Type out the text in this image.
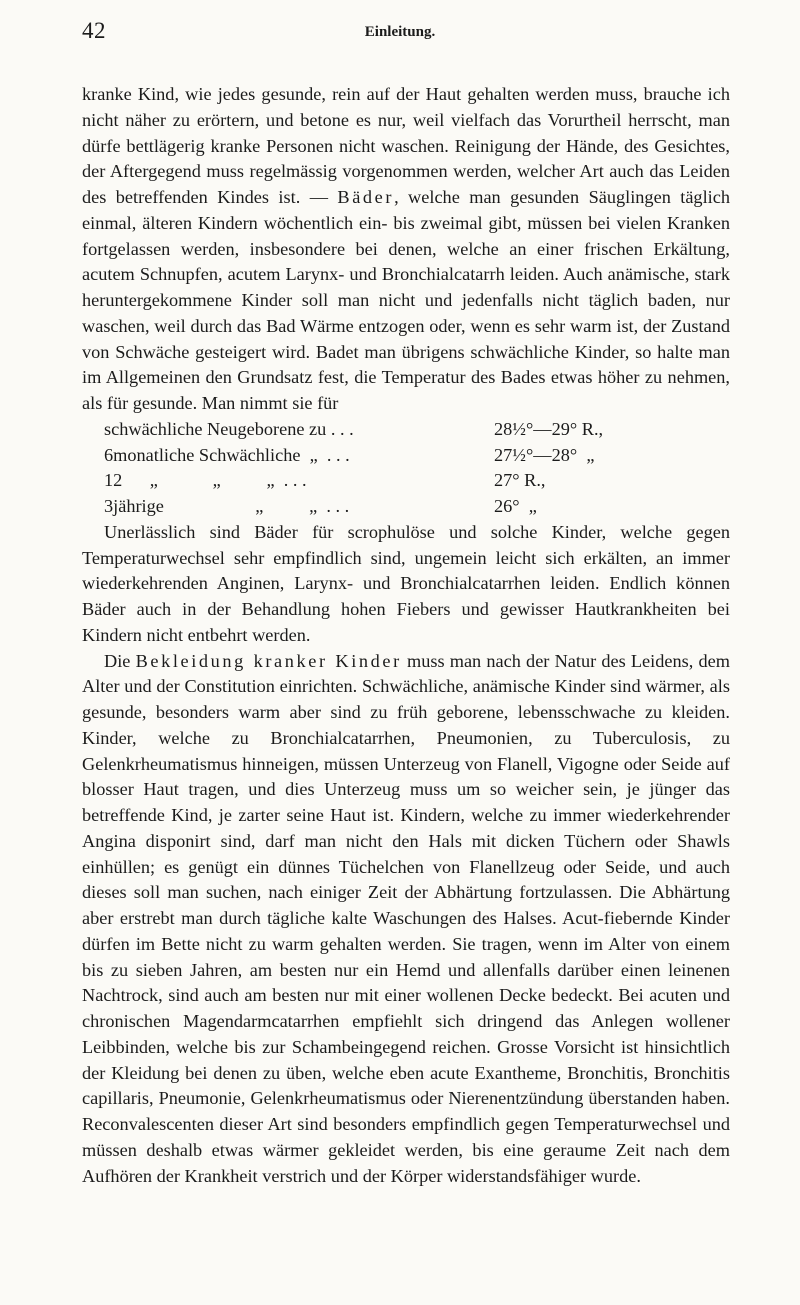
42	Einleitung.

kranke Kind, wie jedes gesunde, rein auf der Haut gehalten werden muss, brauche ich nicht näher zu erörtern, und betone es nur, weil vielfach das Vorurtheil herrscht, man dürfe bettlägerig kranke Personen nicht waschen. Reinigung der Hände, des Gesichtes, der Aftergegend muss regelmässig vorgenommen werden, welcher Art auch das Leiden des betreffenden Kindes ist. — Bäder, welche man gesunden Säuglingen täglich einmal, älteren Kindern wöchentlich ein- bis zweimal gibt, müssen bei vielen Kranken fortgelassen werden, insbesondere bei denen, welche an einer frischen Erkältung, acutem Schnupfen, acutem Larynx- und Bronchialcatarrh leiden. Auch anämische, stark heruntergekommene Kinder soll man nicht und jedenfalls nicht täglich baden, nur waschen, weil durch das Bad Wärme entzogen oder, wenn es sehr warm ist, der Zustand von Schwäche gesteigert wird. Badet man übrigens schwächliche Kinder, so halte man im Allgemeinen den Grundsatz fest, die Temperatur des Bades etwas höher zu nehmen, als für gesunde. Man nimmt sie für

schwächliche Neugeborene zu . . .	28½°—29° R.,
6monatliche Schwächliche  „  . . .	27½°—28°  „
12      „            „          „  . . .	27° R.,
3jährige                    „          „  . . .	26°  „

Unerlässlich sind Bäder für scrophulöse und solche Kinder, welche gegen Temperaturwechsel sehr empfindlich sind, ungemein leicht sich erkälten, an immer wiederkehrenden Anginen, Larynx- und Bronchialcatarrhen leiden. Endlich können Bäder auch in der Behandlung hohen Fiebers und gewisser Hautkrankheiten bei Kindern nicht entbehrt werden.

Die Bekleidung kranker Kinder muss man nach der Natur des Leidens, dem Alter und der Constitution einrichten. Schwächliche, anämische Kinder sind wärmer, als gesunde, besonders warm aber sind zu früh geborene, lebensschwache zu kleiden. Kinder, welche zu Bronchialcatarrhen, Pneumonien, zu Tuberculosis, zu Gelenkrheumatismus hinneigen, müssen Unterzeug von Flanell, Vigogne oder Seide auf blosser Haut tragen, und dies Unterzeug muss um so weicher sein, je jünger das betreffende Kind, je zarter seine Haut ist. Kindern, welche zu immer wiederkehrender Angina disponirt sind, darf man nicht den Hals mit dicken Tüchern oder Shawls einhüllen; es genügt ein dünnes Tüchelchen von Flanellzeug oder Seide, und auch dieses soll man suchen, nach einiger Zeit der Abhärtung fortzulassen. Die Abhärtung aber erstrebt man durch tägliche kalte Waschungen des Halses. Acut-fiebernde Kinder dürfen im Bette nicht zu warm gehalten werden. Sie tragen, wenn im Alter von einem bis zu sieben Jahren, am besten nur ein Hemd und allenfalls darüber einen leinenen Nachtrock, sind auch am besten nur mit einer wollenen Decke bedeckt. Bei acuten und chronischen Magendarmcatarrhen empfiehlt sich dringend das Anlegen wollener Leibbinden, welche bis zur Schambeingegend reichen. Grosse Vorsicht ist hinsichtlich der Kleidung bei denen zu üben, welche eben acute Exantheme, Bronchitis, Bronchitis capillaris, Pneumonie, Gelenkrheumatismus oder Nierenentzündung überstanden haben. Reconvalescenten dieser Art sind besonders empfindlich gegen Temperaturwechsel und müssen deshalb etwas wärmer gekleidet werden, bis eine geraume Zeit nach dem Aufhören der Krankheit verstrich und der Körper widerstandsfähiger wurde.
